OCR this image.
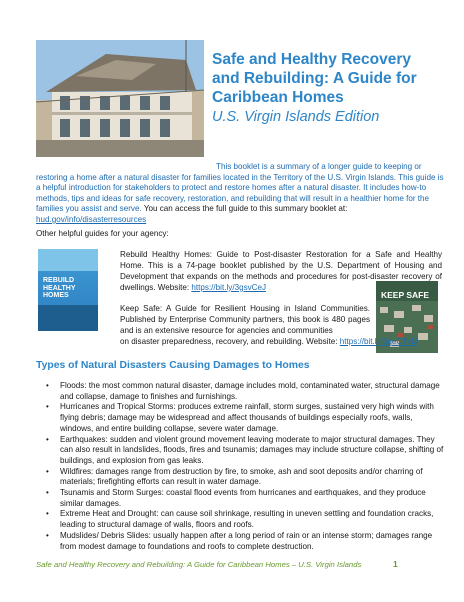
Safe and Healthy Recovery
and Rebuilding: A Guide for
Caribbean Homes
U.S. Virgin Islands Edition
This booklet is a summary of a longer guide to keeping or restoring a home after a natural disaster for families located in the Territory of the U.S. Virgin Islands. This guide is a helpful introduction for stakeholders to protect and restore homes after a natural disaster. It includes how-to methods, tips and ideas for safe recovery, restoration, and rebuilding that will result in a healthier home for the families you assist and serve. You can access the full guide to this summary booklet at: hud.gov/info/disasterresources
Other helpful guides for your agency:
REBUILD
HEALTHY
HOMES
Rebuild Healthy Homes: Guide to Post-disaster Restoration for a Safe and Healthy Home. This is a 74-page booklet published by the U.S. Department of Housing and Development that expands on the methods and procedures for post-disaster recovery of dwellings. Website: https://bit.ly/3gsvCeJ
KEEP SAFE
Keep Safe: A Guide for Resilient Housing in Island Communities. Published by Enterprise Community partners, this book is 480 pages and is an extensive resource for agencies and communities
on disaster preparedness, recovery, and rebuilding. Website: https://bit.ly/3geCTxM
Types of Natural Disasters Causing Damages to Homes
• Floods: the most common natural disaster, damage includes mold, contaminated water, structural damage and collapse, damage to finishes and furnishings.
• Hurricanes and Tropical Storms: produces extreme rainfall, storm surges, sustained very high winds with flying debris; damage may be widespread and affect thousands of buildings especially roofs, walls, windows, and entire building collapse, severe water damage.
• Earthquakes: sudden and violent ground movement leaving moderate to major structural damages. They can also result in landslides, floods, fires and tsunamis; damages may include structure collapse, shifting of buildings, and explosion from gas leaks.
• Wildfires: damages range from destruction by fire, to smoke, ash and soot deposits and/or charring of materials; firefighting efforts can result in water damage.
• Tsunamis and Storm Surges: coastal flood events from hurricanes and earthquakes, and they produce similar damages.
• Extreme Heat and Drought: can cause soil shrinkage, resulting in uneven settling and foundation cracks, leading to structural damage of walls, floors and roofs.
• Mudslides/ Debris Slides: usually happen after a long period of rain or an intense storm; damages range from modest damage to foundations and roofs to complete destruction.
Safe and Healthy Recovery and Rebuilding: A Guide for Caribbean Homes – U.S. Virgin Islands	1
